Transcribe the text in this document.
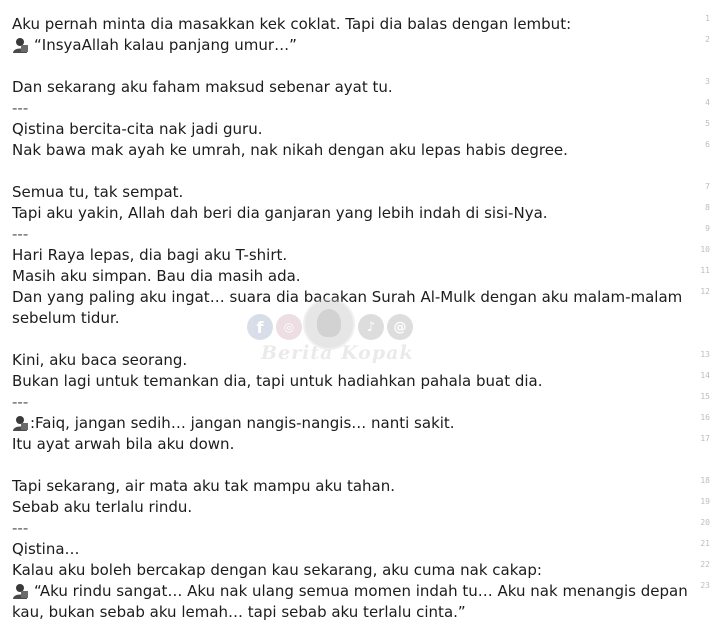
Aku pernah minta dia masakkan kek coklat. Tapi dia balas dengan lembut:	1
“InsyaAllah kalau panjang umur…”	2
Dan sekarang aku faham maksud sebenar ayat tu.	3
---	4
Qistina bercita-cita nak jadi guru.	5
Nak bawa mak ayah ke umrah, nak nikah dengan aku lepas habis degree.	6
Semua tu, tak sempat.	7
Tapi aku yakin, Allah dah beri dia ganjaran yang lebih indah di sisi-Nya.	8
---	9
Hari Raya lepas, dia bagi aku T-shirt.	10
Masih aku simpan. Bau dia masih ada.	11
Dan yang paling aku ingat… suara dia bacakan Surah Al-Mulk dengan aku malam-malam sebelum tidur.
12
Kini, aku baca seorang.	13
Bukan lagi untuk temankan dia, tapi untuk hadiahkan pahala buat dia.	14
---	15
:Faiq, jangan sedih… jangan nangis-nangis… nanti sakit.	16
Itu ayat arwah bila aku down.	17
Tapi sekarang, air mata aku tak mampu aku tahan.	18
Sebab aku terlalu rindu.	19
---	20
Qistina…	21
Kalau aku boleh bercakap dengan kau sekarang, aku cuma nak cakap:	22
“Aku rindu sangat… Aku nak ulang semua momen indah tu… Aku nak menangis depan kau, bukan sebab aku lemah… tapi sebab aku terlalu cinta.”
23
f	◎	♪	@
Berita Kopak
